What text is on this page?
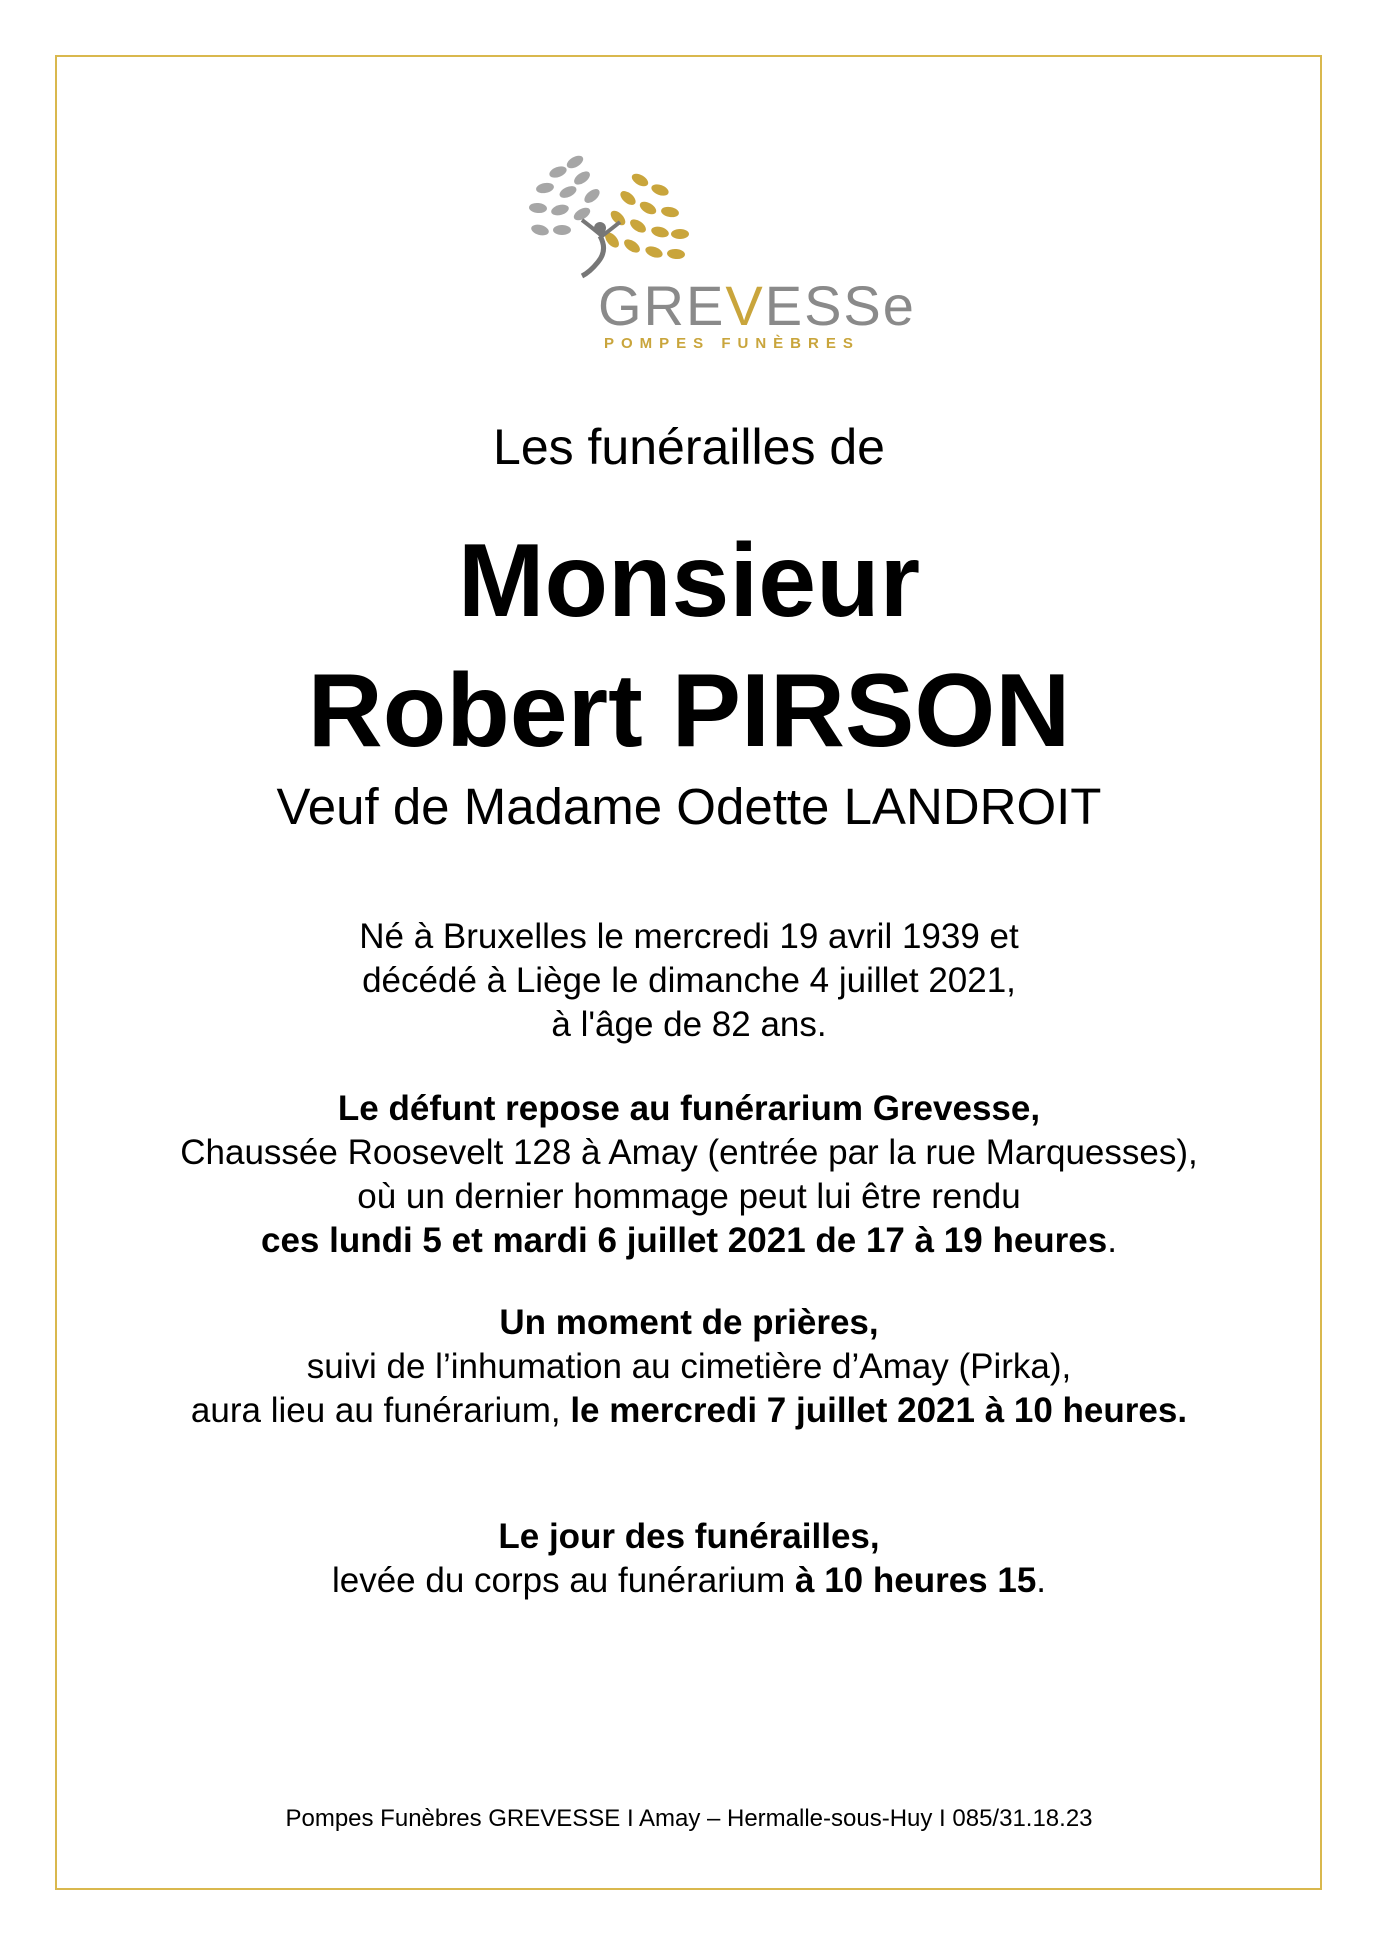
GREVESSe
POMPES FUNÈBRES
Les funérailles de
Monsieur
Robert PIRSON
Veuf de Madame Odette LANDROIT
Né à Bruxelles le mercredi 19 avril 1939 et
décédé à Liège le dimanche 4 juillet 2021,
à l'âge de 82 ans.
Le défunt repose au funérarium Grevesse,
Chaussée Roosevelt 128 à Amay (entrée par la rue Marquesses),
où un dernier hommage peut lui être rendu
ces lundi 5 et mardi 6 juillet 2021 de 17 à 19 heures.
Un moment de prières,
suivi de l’inhumation au cimetière d’Amay (Pirka),
aura lieu au funérarium, le mercredi 7 juillet 2021 à 10 heures.
Le jour des funérailles,
levée du corps au funérarium à 10 heures 15.
Pompes Funèbres GREVESSE I Amay – Hermalle-sous-Huy I 085/31.18.23
